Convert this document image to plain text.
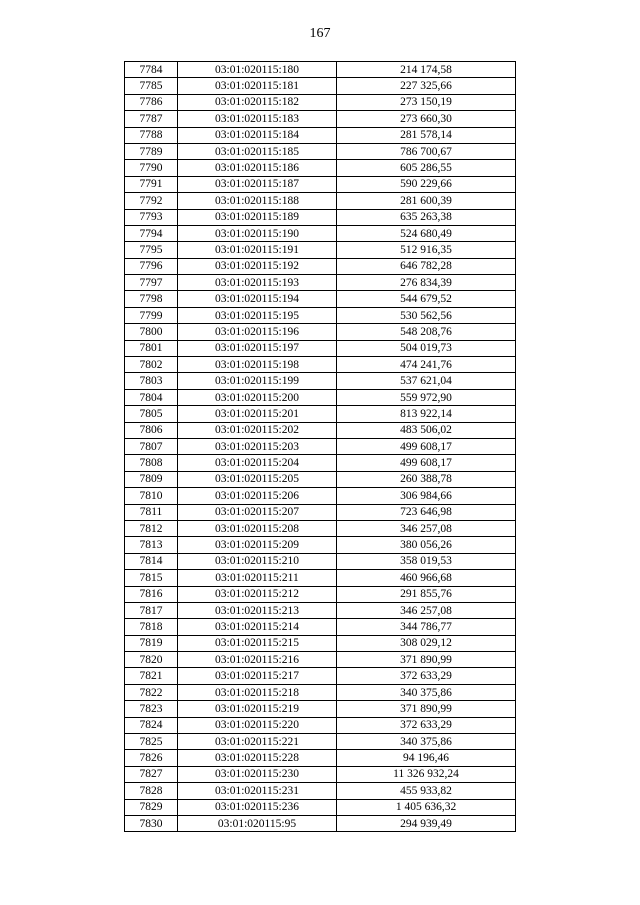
167
7784	03:01:020115:180	214 174,58
7785	03:01:020115:181	227 325,66
7786	03:01:020115:182	273 150,19
7787	03:01:020115:183	273 660,30
7788	03:01:020115:184	281 578,14
7789	03:01:020115:185	786 700,67
7790	03:01:020115:186	605 286,55
7791	03:01:020115:187	590 229,66
7792	03:01:020115:188	281 600,39
7793	03:01:020115:189	635 263,38
7794	03:01:020115:190	524 680,49
7795	03:01:020115:191	512 916,35
7796	03:01:020115:192	646 782,28
7797	03:01:020115:193	276 834,39
7798	03:01:020115:194	544 679,52
7799	03:01:020115:195	530 562,56
7800	03:01:020115:196	548 208,76
7801	03:01:020115:197	504 019,73
7802	03:01:020115:198	474 241,76
7803	03:01:020115:199	537 621,04
7804	03:01:020115:200	559 972,90
7805	03:01:020115:201	813 922,14
7806	03:01:020115:202	483 506,02
7807	03:01:020115:203	499 608,17
7808	03:01:020115:204	499 608,17
7809	03:01:020115:205	260 388,78
7810	03:01:020115:206	306 984,66
7811	03:01:020115:207	723 646,98
7812	03:01:020115:208	346 257,08
7813	03:01:020115:209	380 056,26
7814	03:01:020115:210	358 019,53
7815	03:01:020115:211	460 966,68
7816	03:01:020115:212	291 855,76
7817	03:01:020115:213	346 257,08
7818	03:01:020115:214	344 786,77
7819	03:01:020115:215	308 029,12
7820	03:01:020115:216	371 890,99
7821	03:01:020115:217	372 633,29
7822	03:01:020115:218	340 375,86
7823	03:01:020115:219	371 890,99
7824	03:01:020115:220	372 633,29
7825	03:01:020115:221	340 375,86
7826	03:01:020115:228	94 196,46
7827	03:01:020115:230	11 326 932,24
7828	03:01:020115:231	455 933,82
7829	03:01:020115:236	1 405 636,32
7830	03:01:020115:95	294 939,49
